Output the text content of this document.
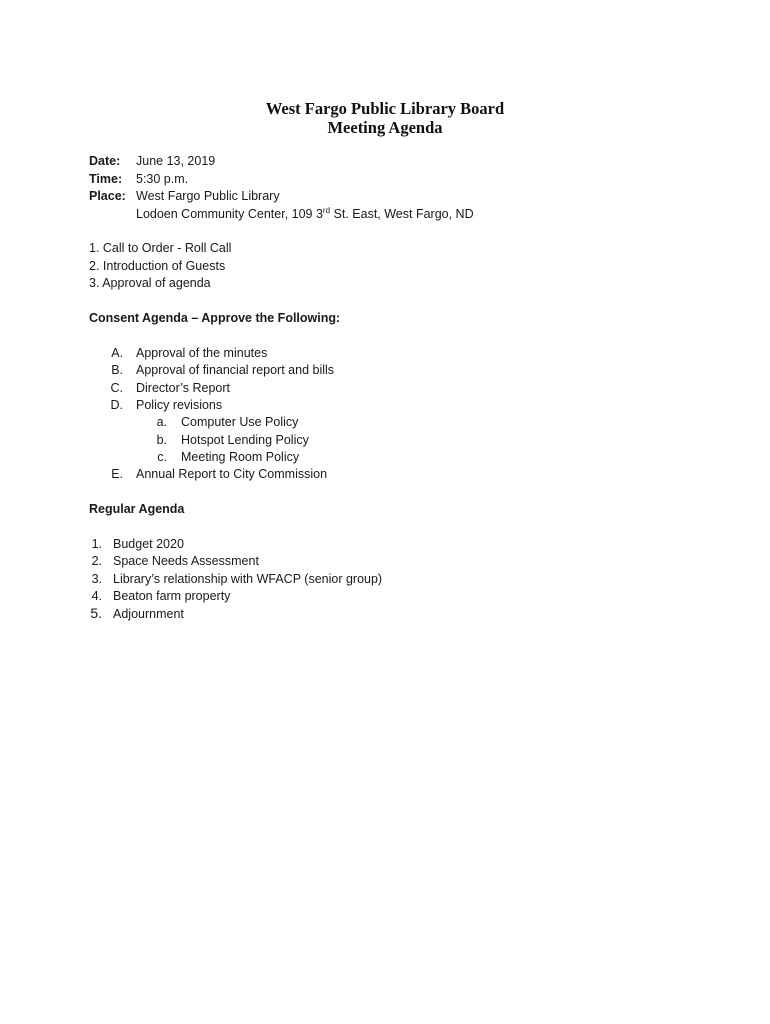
West Fargo Public Library Board
Meeting Agenda
Date: June 13, 2019
Time: 5:30 p.m.
Place: West Fargo Public Library
Lodoen Community Center, 109 3rd St. East, West Fargo, ND
1. Call to Order - Roll Call
2. Introduction of Guests
3. Approval of agenda
Consent Agenda – Approve the Following:
A. Approval of the minutes
B. Approval of financial report and bills
C. Director’s Report
D. Policy revisions
a. Computer Use Policy
b. Hotspot Lending Policy
c. Meeting Room Policy
E. Annual Report to City Commission
Regular Agenda
1. Budget 2020
2. Space Needs Assessment
3. Library’s relationship with WFACP (senior group)
4. Beaton farm property
5. Adjournment
